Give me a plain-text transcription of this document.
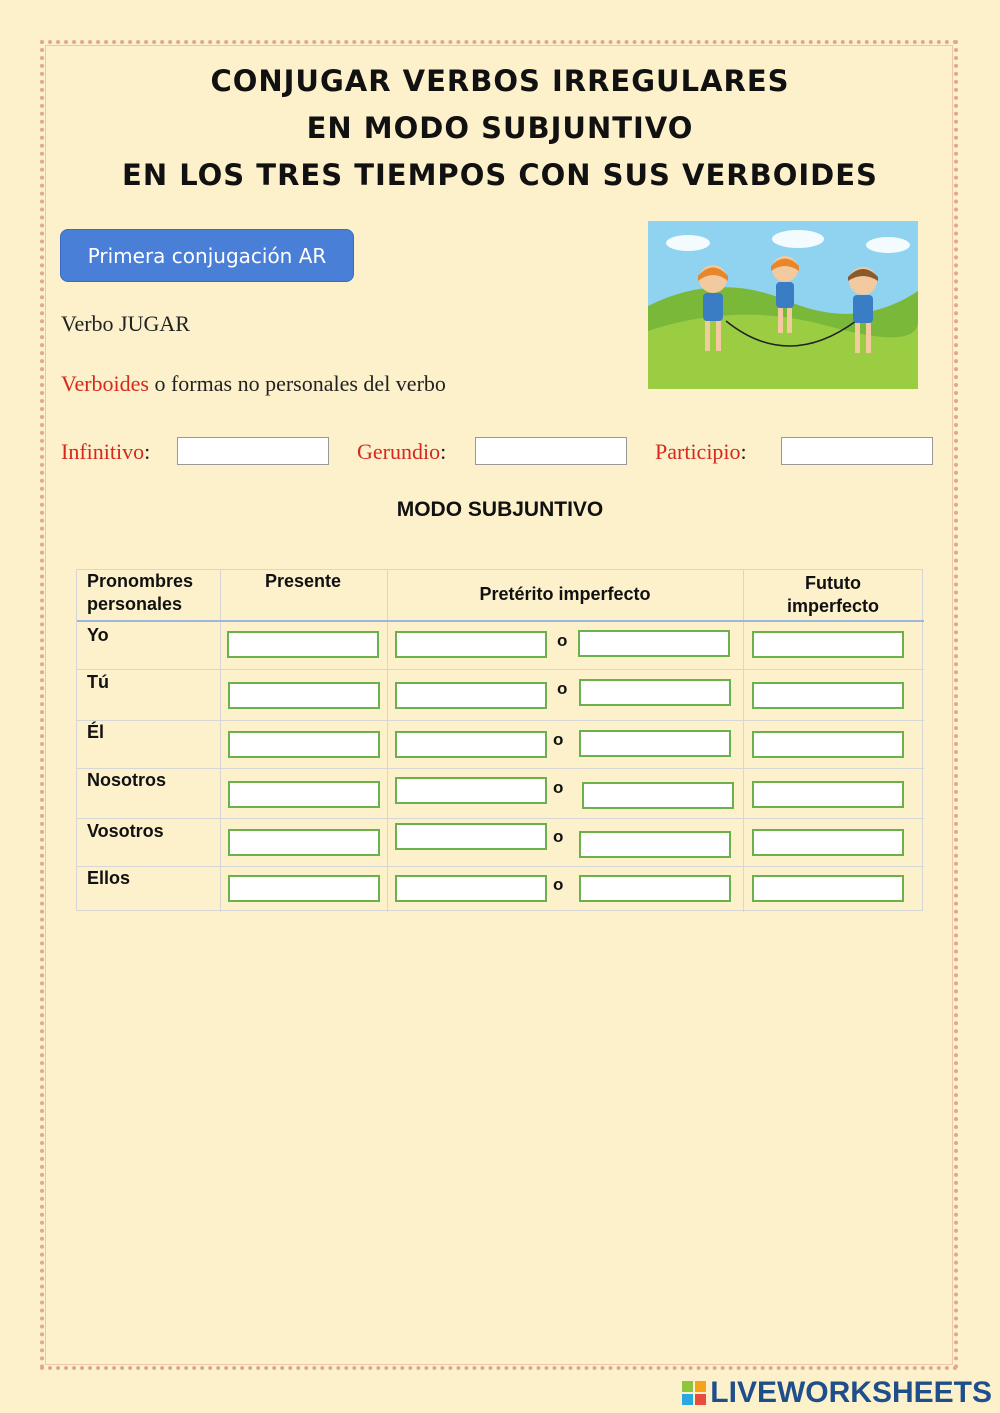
CONJUGAR VERBOS IRREGULARES
EN MODO SUBJUNTIVO
EN LOS TRES TIEMPOS CON SUS VERBOIDES
Primera conjugación AR
Verbo JUGAR
Verboides o formas no personales del verbo
Infinitivo:	Gerundio:	Participio:
MODO SUBJUNTIVO
Pronombres personales
Presente
Pretérito imperfecto
Fututo imperfecto
Yo
Tú
Él
Nosotros
Vosotros
Ellos
o
o
o
o
o
o
LIVEWORKSHEETS
